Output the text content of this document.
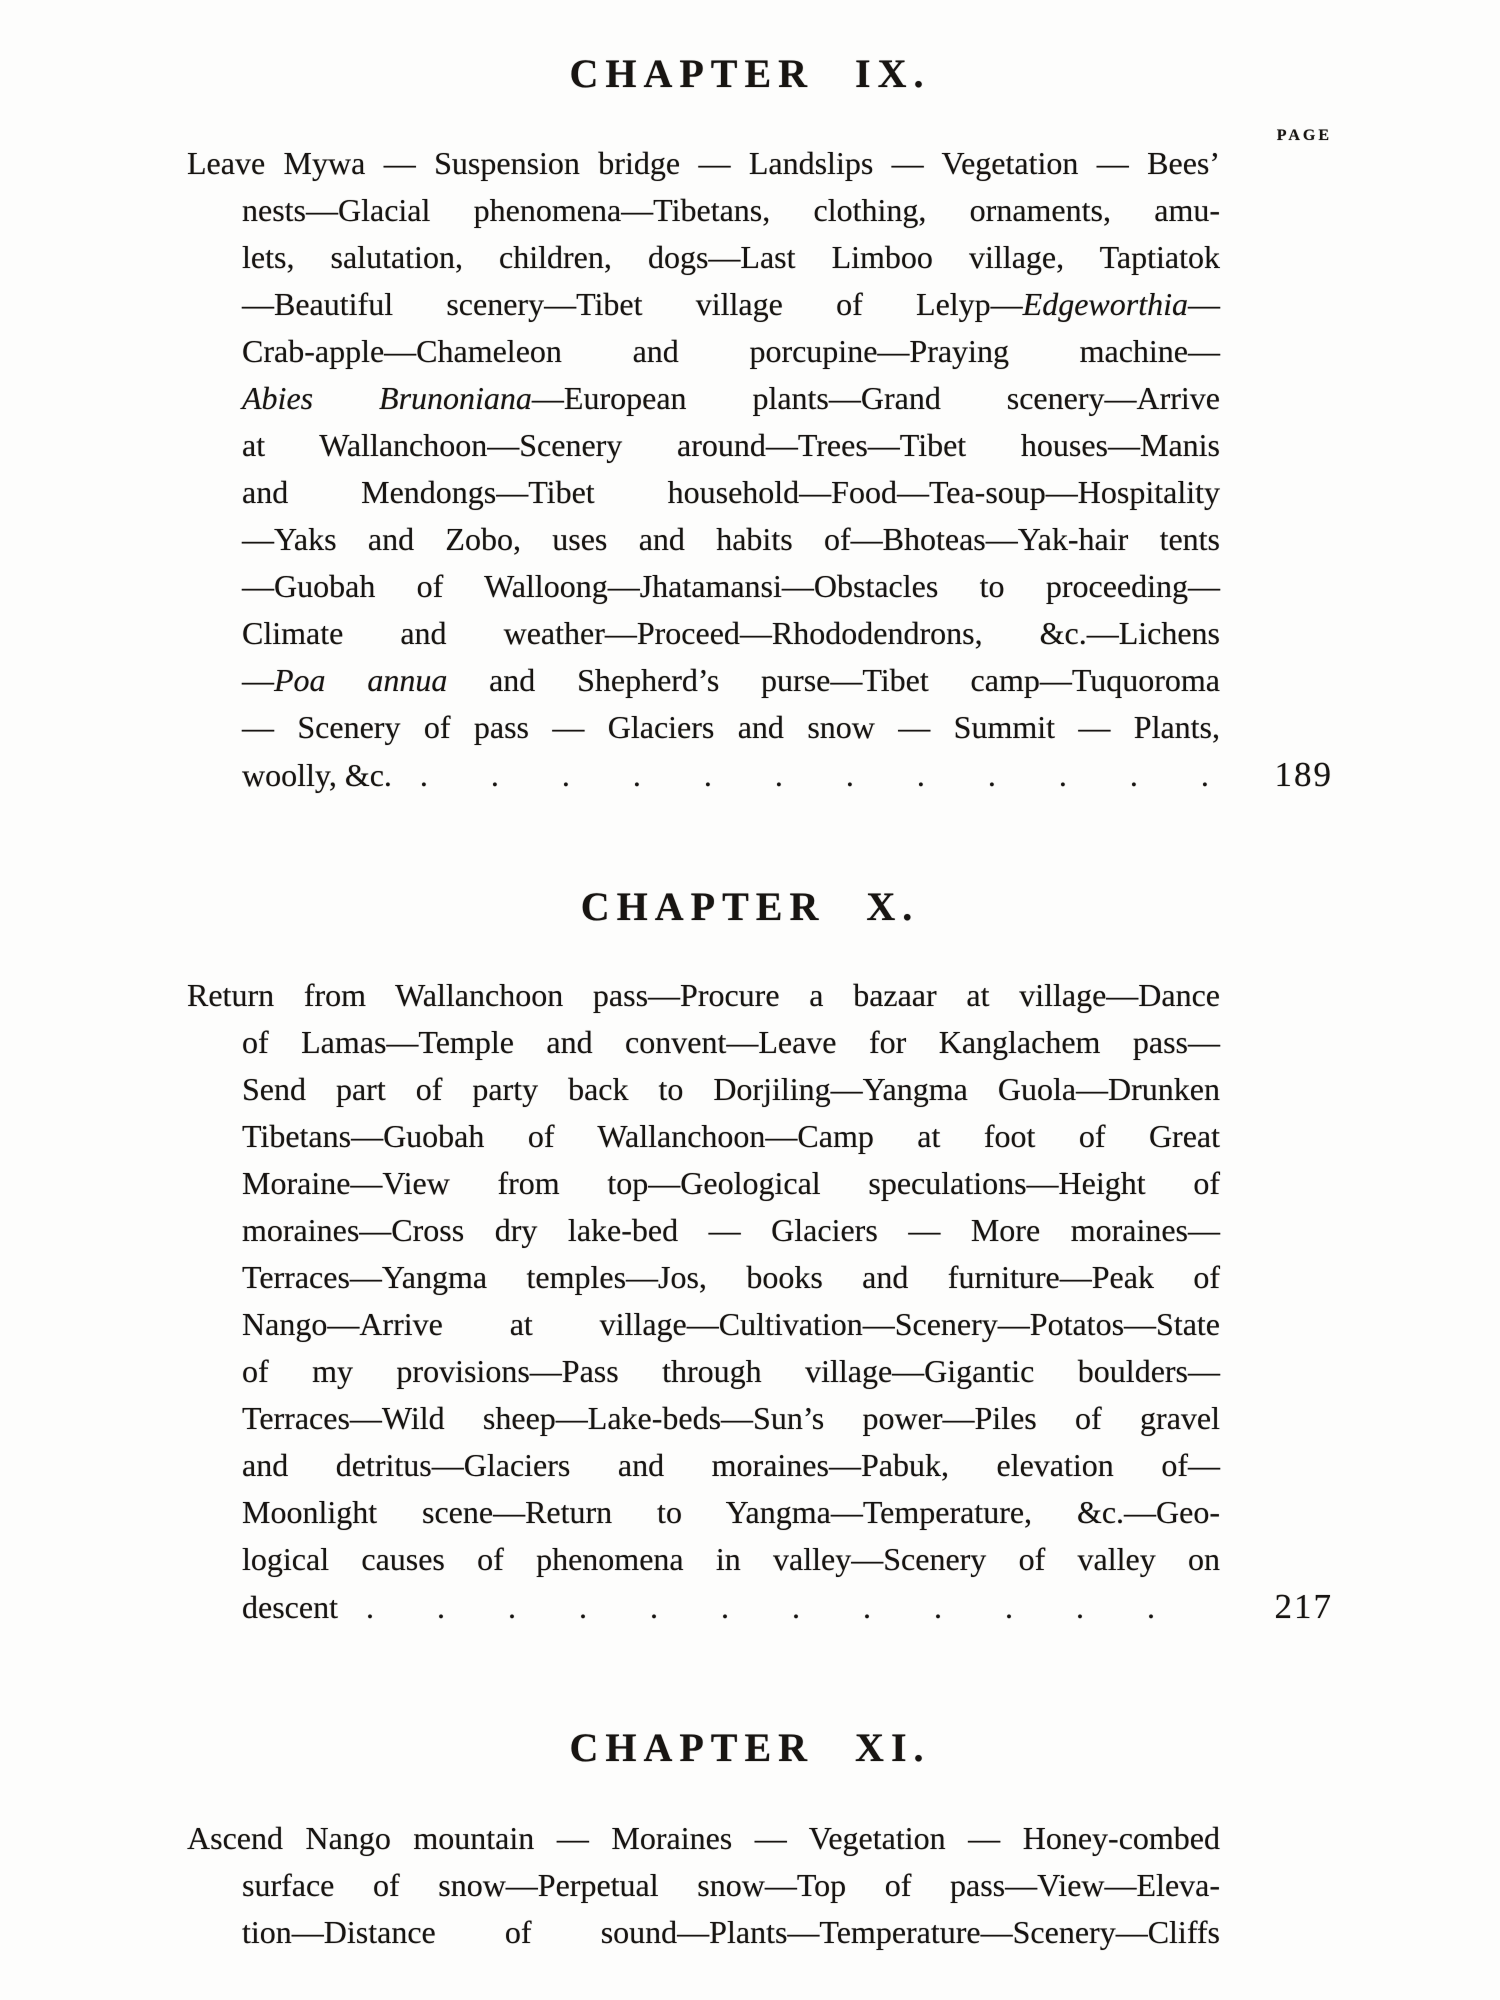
PAGE
CHAPTER IX.
Leave Mywa — Suspension bridge — Landslips — Vegetation — Bees’
nests—Glacial phenomena—Tibetans, clothing, ornaments, amu-
lets, salutation, children, dogs—Last Limboo village, Taptiatok
—Beautiful scenery—Tibet village of Lelyp—Edgeworthia—
Crab-apple—Chameleon and porcupine—Praying machine—
Abies Brunoniana—European plants—Grand scenery—Arrive
at Wallanchoon—Scenery around—Trees—Tibet houses—Manis
and Mendongs—Tibet household—Food—Tea-soup—Hospitality
—Yaks and Zobo, uses and habits of—Bhoteas—Yak-hair tents
—Guobah of Walloong—Jhatamansi—Obstacles to proceeding—
Climate and weather—Proceed—Rhododendrons, &c.—Lichens
—Poa annua and Shepherd’s purse—Tibet camp—Tuquoroma
— Scenery of pass — Glaciers and snow — Summit — Plants,
woolly, &c. . . . . . . . . . . . .	189
CHAPTER X.
Return from Wallanchoon pass—Procure a bazaar at village—Dance
of Lamas—Temple and convent—Leave for Kanglachem pass—
Send part of party back to Dorjiling—Yangma Guola—Drunken
Tibetans—Guobah of Wallanchoon—Camp at foot of Great
Moraine—View from top—Geological speculations—Height of
moraines—Cross dry lake-bed — Glaciers — More moraines—
Terraces—Yangma temples—Jos, books and furniture—Peak of
Nango—Arrive at village—Cultivation—Scenery—Potatos—State
of my provisions—Pass through village—Gigantic boulders—
Terraces—Wild sheep—Lake-beds—Sun’s power—Piles of gravel
and detritus—Glaciers and moraines—Pabuk, elevation of—
Moonlight scene—Return to Yangma—Temperature, &c.—Geo-
logical causes of phenomena in valley—Scenery of valley on
descent . . . . . . . . . . . .	217
CHAPTER XI.
Ascend Nango mountain — Moraines — Vegetation — Honey-combed
surface of snow—Perpetual snow—Top of pass—View—Eleva-
tion—Distance of sound—Plants—Temperature—Scenery—Cliffs
